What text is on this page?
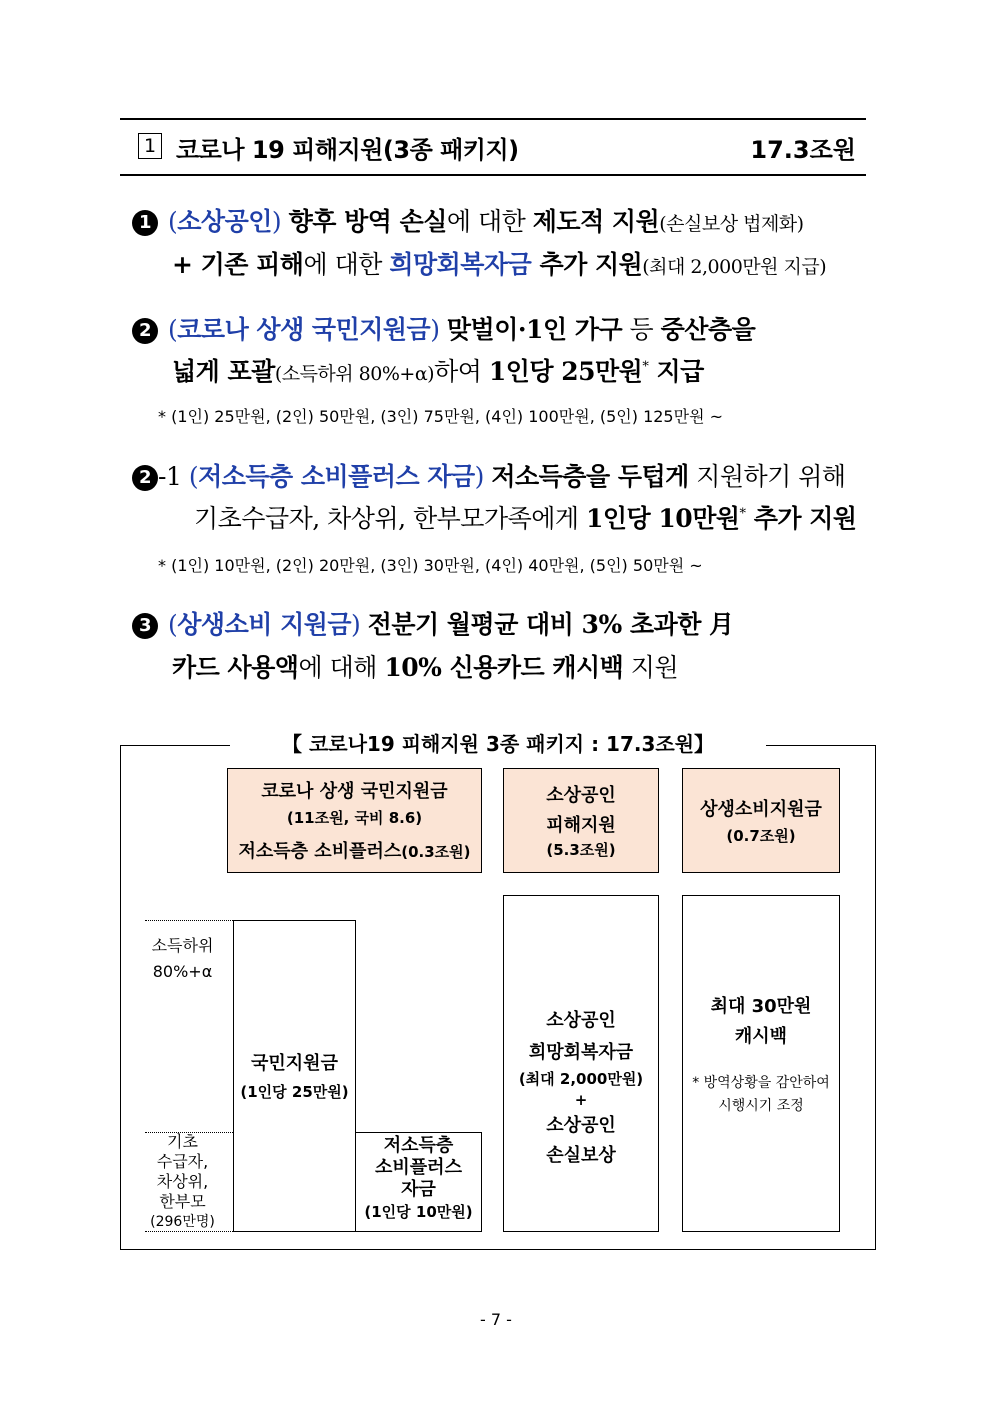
1 코로나 19 피해지원(3종 패키지)	17.3조원
1 (소상공인) 향후 방역 손실에 대한 제도적 지원(손실보상 법제화)
+ 기존 피해에 대한 희망회복자금 추가 지원(최대 2,000만원 지급)
2 (코로나 상생 국민지원금) 맞벌이·1인 가구 등 중산층을
넓게 포괄(소득하위 80%+α)하여 1인당 25만원* 지급
* (1인) 25만원, (2인) 50만원, (3인) 75만원, (4인) 100만원, (5인) 125만원 ~
2 -1 (저소득층 소비플러스 자금) 저소득층을 두텁게 지원하기 위해
기초수급자, 차상위, 한부모가족에게 1인당 10만원* 추가 지원
* (1인) 10만원, (2인) 20만원, (3인) 30만원, (4인) 40만원, (5인) 50만원 ~
3 (상생소비 지원금) 전분기 월평균 대비 3% 초과한 月
카드 사용액에 대해 10% 신용카드 캐시백 지원
【 코로나19 피해지원 3종 패키지 : 17.3조원】
코로나 상생 국민지원금
(11조원, 국비 8.6)
저소득층 소비플러스(0.3조원)
소상공인
피해지원
(5.3조원)
상생소비지원금
(0.7조원)
소득하위
80%+α
기초
수급자,
차상위,
한부모
(296만명)
국민지원금
(1인당 25만원)
저소득층
소비플러스
자금
(1인당 10만원)
소상공인
희망회복자금
(최대 2,000만원)
+
소상공인
손실보상
최대 30만원
캐시백
* 방역상황을 감안하여
시행시기 조정
- 7 -
